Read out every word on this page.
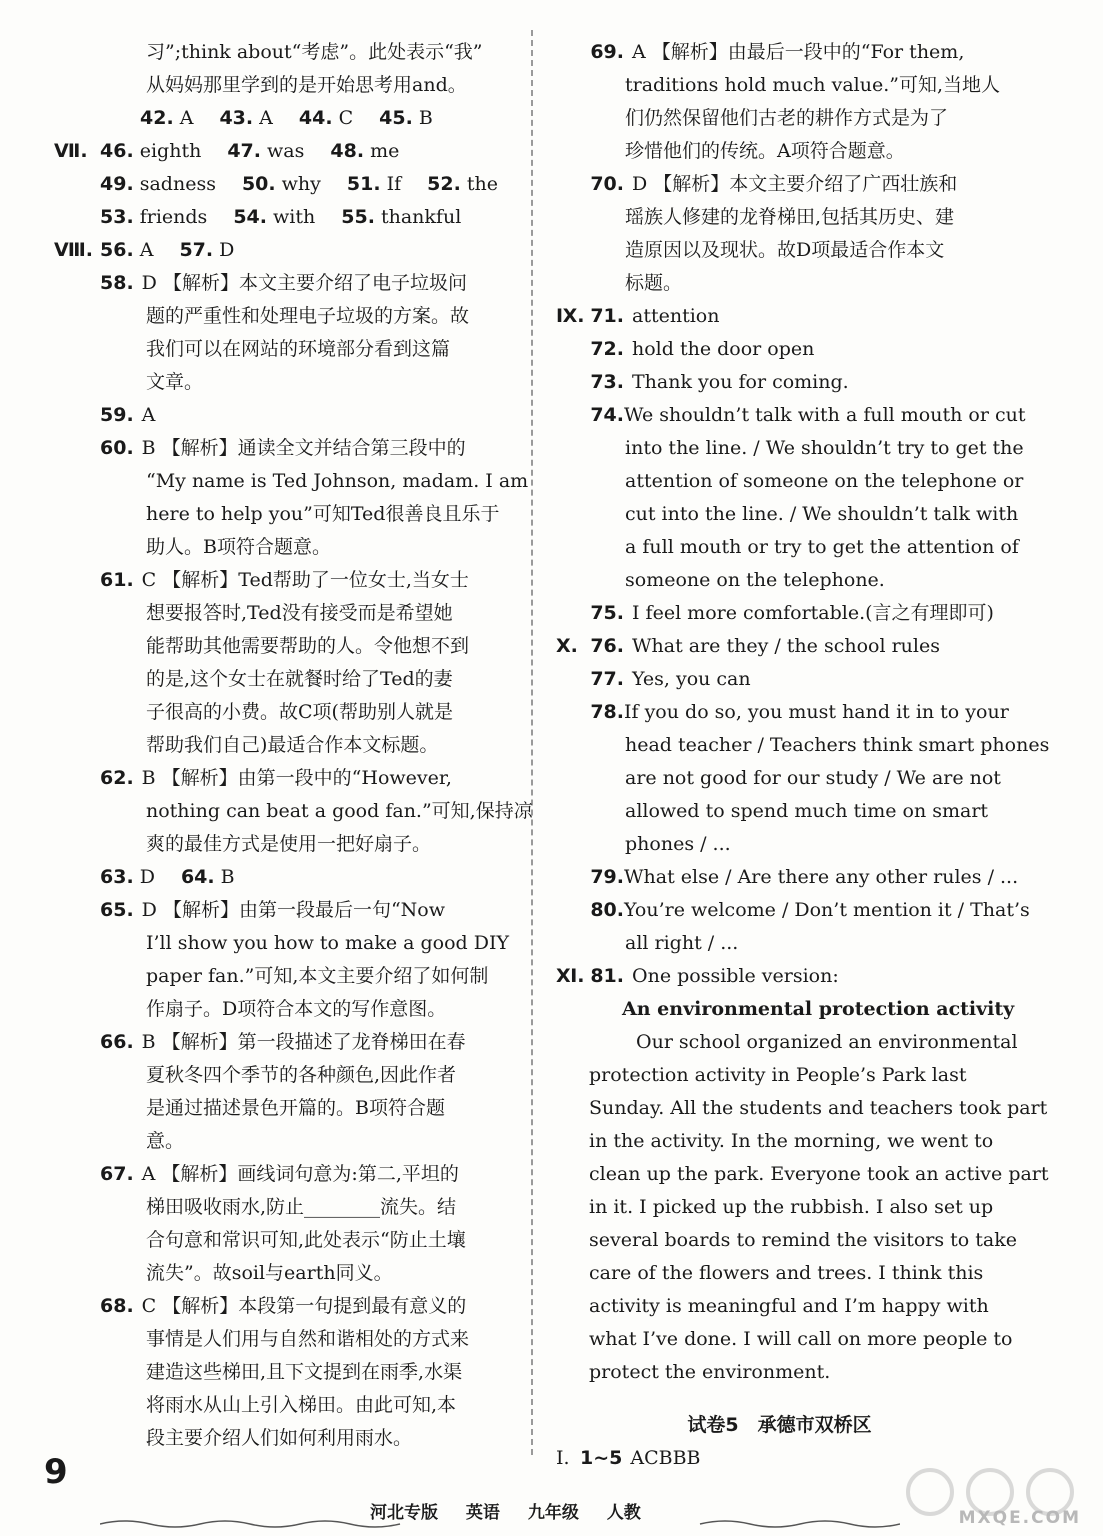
习”;think about“考虑”。此处表示“我”
从妈妈那里学到的是开始思考用and。
42. A 43. A 44. C 45. B
Ⅶ. 46. eighth 47. was 48. me
49. sadness 50. why 51. If 52. the
53. friends 54. with 55. thankful
Ⅷ. 56. A 57. D
58. D 【解析】本文主要介绍了电子垃圾问
题的严重性和处理电子垃圾的方案。故
我们可以在网站的环境部分看到这篇
文章。
59. A
60. B 【解析】通读全文并结合第三段中的
“My name is Ted Johnson, madam. I am
here to help you”可知Ted很善良且乐于
助人。B项符合题意。
61. C 【解析】Ted帮助了一位女士,当女士
想要报答时,Ted没有接受而是希望她
能帮助其他需要帮助的人。令他想不到
的是,这个女士在就餐时给了Ted的妻
子很高的小费。故C项(帮助别人就是
帮助我们自己)最适合作本文标题。
62. B 【解析】由第一段中的“However,
nothing can beat a good fan.”可知,保持凉
爽的最佳方式是使用一把好扇子。
63. D 64. B
65. D 【解析】由第一段最后一句“Now
I’ll show you how to make a good DIY
paper fan.”可知,本文主要介绍了如何制
作扇子。D项符合本文的写作意图。
66. B 【解析】第一段描述了龙脊梯田在春
夏秋冬四个季节的各种颜色,因此作者
是通过描述景色开篇的。B项符合题
意。
67. A 【解析】画线词句意为:第二,平坦的
梯田吸收雨水,防止________流失。结
合句意和常识可知,此处表示“防止土壤
流失”。故soil与earth同义。
68. C 【解析】本段第一句提到最有意义的
事情是人们用与自然和谐相处的方式来
建造这些梯田,且下文提到在雨季,水渠
将雨水从山上引入梯田。由此可知,本
段主要介绍人们如何利用雨水。
69. A 【解析】由最后一段中的“For them,
traditions hold much value.”可知,当地人
们仍然保留他们古老的耕作方式是为了
珍惜他们的传统。A项符合题意。
70. D 【解析】本文主要介绍了广西壮族和
瑶族人修建的龙脊梯田,包括其历史、建
造原因以及现状。故D项最适合作本文
标题。
Ⅸ. 71. attention
72. hold the door open
73. Thank you for coming.
74. We shouldn’t talk with a full mouth or cut
into the line. / We shouldn’t try to get the
attention of someone on the telephone or
cut into the line. / We shouldn’t talk with
a full mouth or try to get the attention of
someone on the telephone.
75. I feel more comfortable.(言之有理即可)
Ⅹ. 76. What are they / the school rules
77. Yes, you can
78. If you do so, you must hand it in to your
head teacher / Teachers think smart phones
are not good for our study / We are not
allowed to spend much time on smart
phones / ...
79. What else / Are there any other rules / ...
80. You’re welcome / Don’t mention it / That’s
all right / ...
Ⅺ. 81. One possible version:
An environmental protection activity
Our school organized an environmental
protection activity in People’s Park last
Sunday. All the students and teachers took part
in the activity. In the morning, we went to
clean up the park. Everyone took an active part
in it. I picked up the rubbish. I also set up
several boards to remind the visitors to take
care of the flowers and trees. I think this
activity is meaningful and I’m happy with
what I’ve done. I will call on more people to
protect the environment.
试卷5　承德市双桥区
Ⅰ. 1~5 ACBBB
9
河北专版 英语 九年级 人教	MXQE.COM
